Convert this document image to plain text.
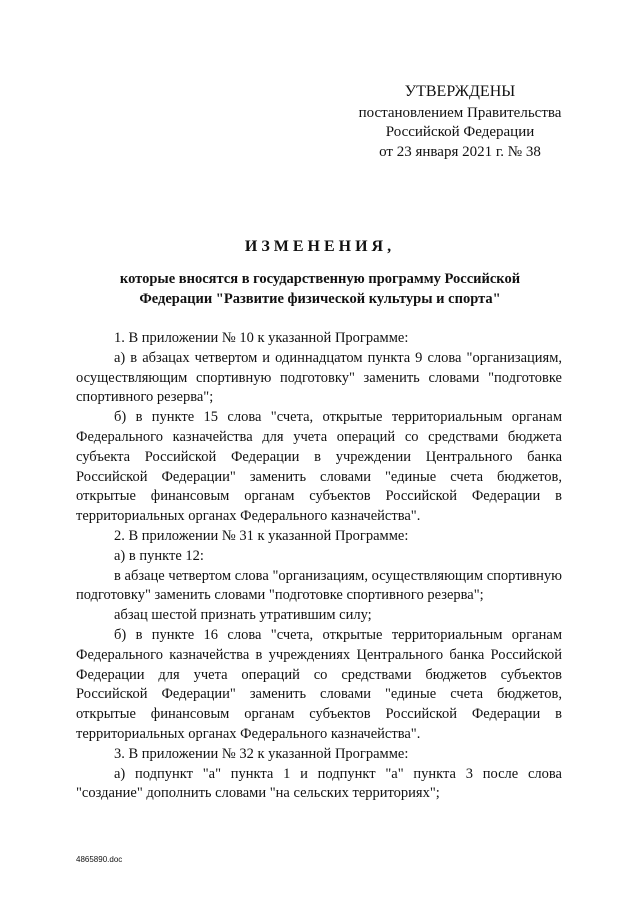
УТВЕРЖДЕНЫ
постановлением Правительства
Российской Федерации
от 23 января 2021 г. № 38
ИЗМЕНЕНИЯ,
которые вносятся в государственную программу Российской
Федерации "Развитие физической культуры и спорта"

1. В приложении № 10 к указанной Программе:

а) в абзацах четвертом и одиннадцатом пункта 9 слова "организациям, осуществляющим спортивную подготовку" заменить словами "подготовке спортивного резерва";

б) в пункте 15 слова "счета, открытые территориальным органам Федерального казначейства для учета операций со средствами бюджета субъекта Российской Федерации в учреждении Центрального банка Российской Федерации" заменить словами "единые счета бюджетов, открытые финансовым органам субъектов Российской Федерации в территориальных органах Федерального казначейства".

2. В приложении № 31 к указанной Программе:

а) в пункте 12:

в абзаце четвертом слова "организациям, осуществляющим спортивную подготовку" заменить словами "подготовке спортивного резерва";

абзац шестой признать утратившим силу;

б) в пункте 16 слова "счета, открытые территориальным органам Федерального казначейства в учреждениях Центрального банка Российской Федерации для учета операций со средствами бюджетов субъектов Российской Федерации" заменить словами "единые счета бюджетов, открытые финансовым органам субъектов Российской Федерации в территориальных органах Федерального казначейства".

3. В приложении № 32 к указанной Программе:

а) подпункт "а" пункта 1 и подпункт "а" пункта 3 после слова "создание" дополнить словами "на сельских территориях";

4865890.doc
